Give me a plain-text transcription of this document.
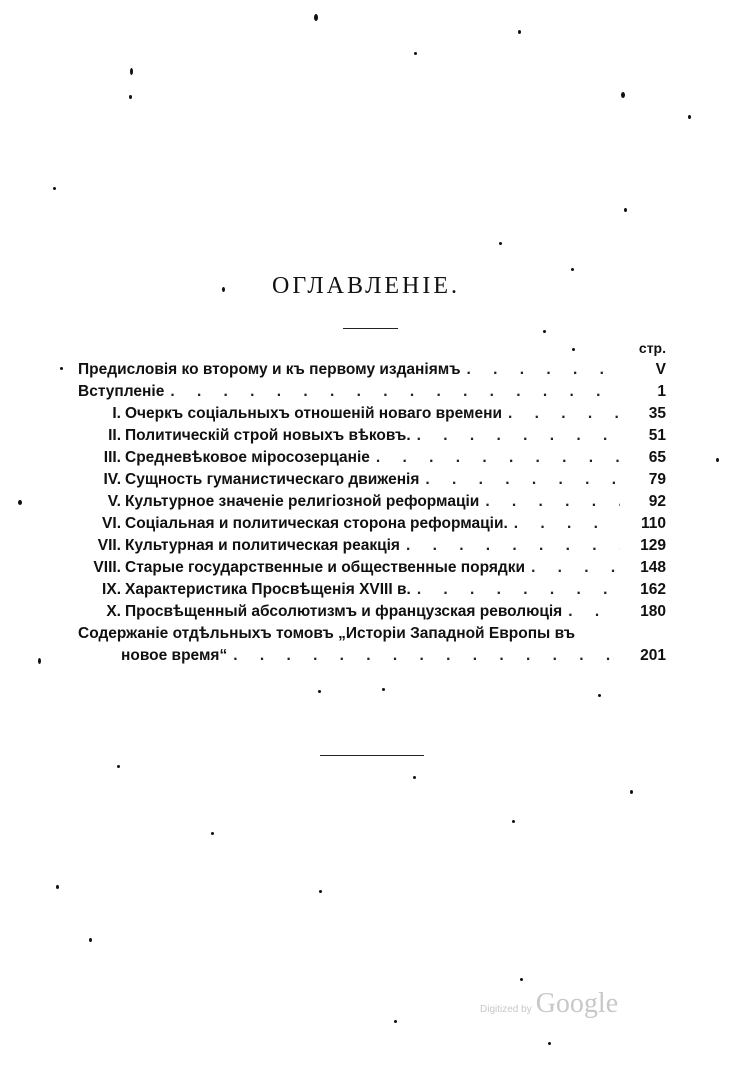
ОГЛАВЛЕНІЕ.
стр.
Предисловія ко второму и къ первому изданіямъ . . .	V
Вступленіе . . .	1
I. Очеркъ соціальныхъ отношеній новаго времени . . .	35
II. Политическій строй новыхъ вѣковъ. . . .	51
III. Средневѣковое міросозерцаніе . . .	65
IV. Сущность гуманистическаго движенія . . .	79
V. Культурное значеніе религіозной реформаціи . . .	92
VI. Соціальная и политическая сторона реформаціи. . . .	110
VII. Культурная и политическая реакція . . .	129
VIII. Старые государственные и общественные порядки . . .	148
IX. Характеристика Просвѣщенія XVIII в. . . .	162
X. Просвѣщенный абсолютизмъ и французская революція . . .	180
Содержаніе отдѣльныхъ томовъ „Исторіи Западной Европы въ
новое время“ . . .	201
Digitized by Google
